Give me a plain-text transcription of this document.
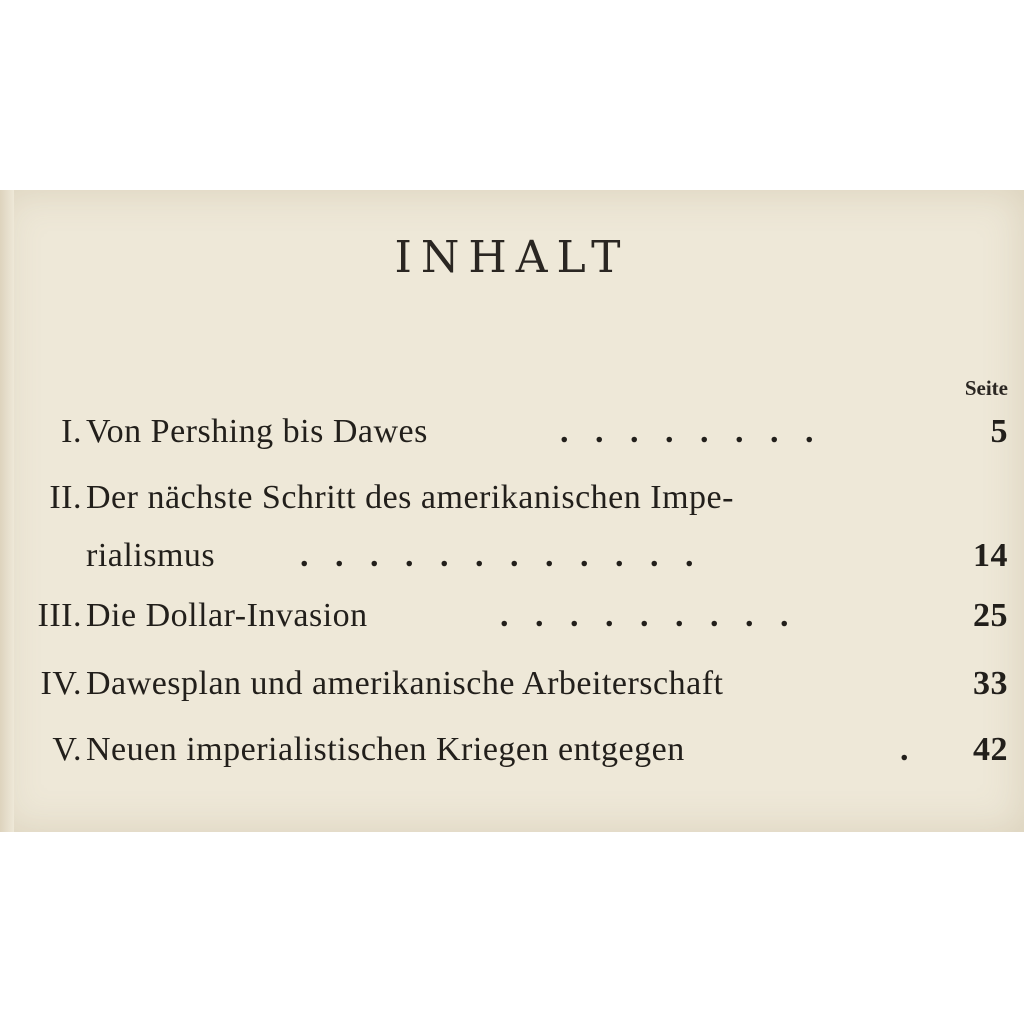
INHALT
Seite
I. Von Pershing bis Dawes	. . . . . . . .	5
II. Der nächste Schritt des amerikanischen Impe-
rialismus . . . . . . . . . . . .	14
III. Die Dollar-Invasion	. . . . . . . . .	25
IV. Dawesplan und amerikanische Arbeiterschaft	33
V. Neuen imperialistischen Kriegen entgegen	. 42
